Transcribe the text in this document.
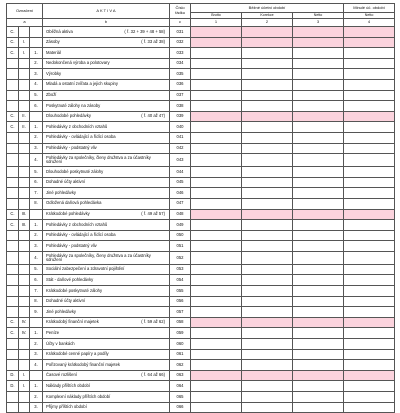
Označení			A K T I V A	Číslo
řádku	Běžné účetní období			Minulé úč. období
					Brutto	Korekce	Netto	Netto
a			b	c	1	2	3	4
C.			Oběžná aktiva ( ř. 32 + 39 + 48 + 58)	031				
C.	I.		Zásoby ( ř. 33 až 38)	032				
C.	I.	1.	Materiál	033				
		2.	Nedokončená výroba a polotovary	034				
		3.	Výrobky	035				
		4.	Mladá a ostatní zvířata a jejich skupiny	036				
		5.	Zboží	037				
		6.	Poskytnuté zálohy na zásoby	038				
C.	II.		Dlouhodobé pohledávky ( ř. 40 až 47)	039				
C.	II.	1.	Pohledávky z obchodních vztahů	040				
		2.	Pohledávky - ovládající a řídící osoba	041				
		3.	Pohledávky - podstatný vliv	042				
		4.	Pohledávky za společníky, členy družstva a za účastníky sdružení	043				
		5.	Dlouhodobé poskytnuté zálohy	044				
		6.	Dohadné účty aktivní	045				
		7.	Jiné pohledávky	046				
		8.	Odložená daňová pohledávka	047				
C.	III.		Krátkodobé pohledávky ( ř. 49 až 57)	048				
C.	III.	1.	Pohledávky z obchodních vztahů	049				
		2.	Pohledávky - ovládající a řídící osoba	050				
		3.	Pohledávky - podstatný vliv	051				
		4.	Pohledávky za společníky, členy družstva a za účastníky sdružení	052				
		5.	Sociální zabezpečení a zdravotní pojištění	053				
		6.	Stát - daňové pohledávky	054				
		7.	Krátkodobé poskytnuté zálohy	055				
		8.	Dohadné účty aktivní	056				
		9.	Jiné pohledávky	057				
C.	IV.		Krátkodobý finanční majetek ( ř. 59 až 62)	058				
C.	IV.	1.	Peníze	059				
		2.	Účty v bankách	060				
		3.	Krátkodobé cenné papíry a podíly	061				
		4.	Pořizovaný krátkodobý finanční majetek	062				
D.	I.		Časové rozlišení ( ř. 64 až 66)	063				
D.	I.	1.	Náklady příštích období	064				
		2.	Komplexní náklady příštích období	065				
		3.	Příjmy příštích období	066				
